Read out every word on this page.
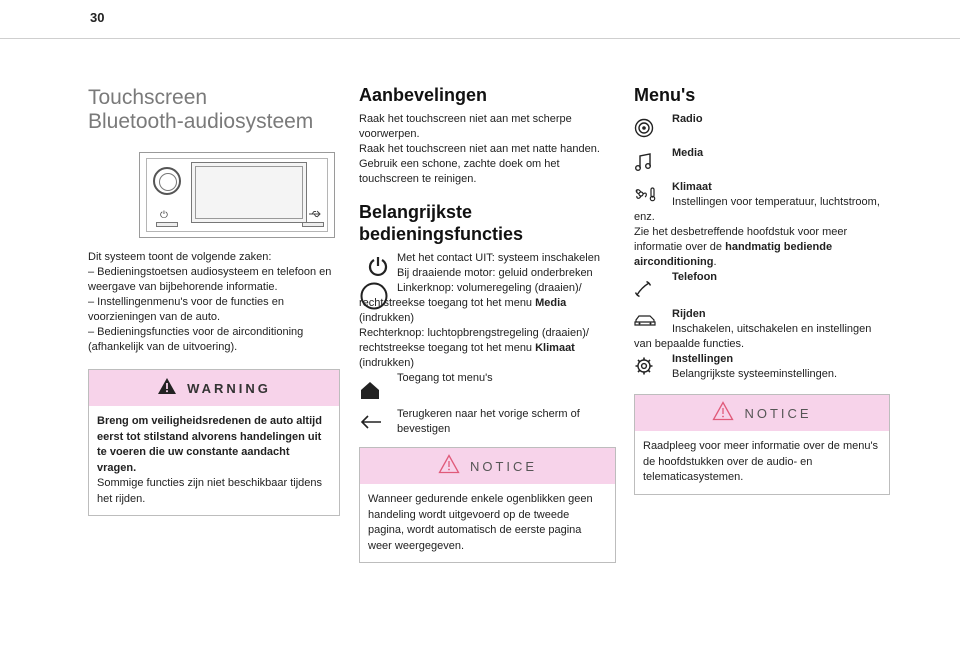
30
Touchscreen
Bluetooth-audiosysteem
⏻

Dit systeem toont de volgende zaken:

– Bedieningstoetsen audiosysteem en telefoon en weergave van bijbehorende informatie.

– Instellingenmenu's voor de functies en voorzieningen van de auto.

– Bedieningsfuncties voor de airconditioning (afhankelijk van de uitvoering).

WARNING

Breng om veiligheidsredenen de auto altijd eerst tot stilstand alvorens handelingen uit te voeren die uw constante aandacht vragen.

Sommige functies zijn niet beschikbaar tijdens het rijden.

Aanbevelingen

Raak het touchscreen niet aan met scherpe voorwerpen.

Raak het touchscreen niet aan met natte handen.

Gebruik een schone, zachte doek om het touchscreen te reinigen.

Belangrijkste
bedieningsfuncties

Met het contact UIT: systeem inschakelen

Bij draaiende motor: geluid onderbreken

Linkerknop: volumeregeling (draaien)/ rechtstreekse toegang tot het menu Media (indrukken)

Rechterknop: luchtopbrengstregeling (draaien)/ rechtstreekse toegang tot het menu Klimaat (indrukken)

Toegang tot menu's

Terugkeren naar het vorige scherm of bevestigen

NOTICE

Wanneer gedurende enkele ogenblikken geen handeling wordt uitgevoerd op de tweede pagina, wordt automatisch de eerste pagina weer weergegeven.

Menu's

Radio

Media

Klimaat

Instellingen voor temperatuur, luchtstroom, enz.

Zie het desbetreffende hoofdstuk voor meer informatie over de handmatig bediende airconditioning.

Telefoon

Rijden

Inschakelen, uitschakelen en instellingen van bepaalde functies.

Instellingen

Belangrijkste systeeminstellingen.

NOTICE

Raadpleeg voor meer informatie over de menu's de hoofdstukken over de audio- en telematicasystemen.
